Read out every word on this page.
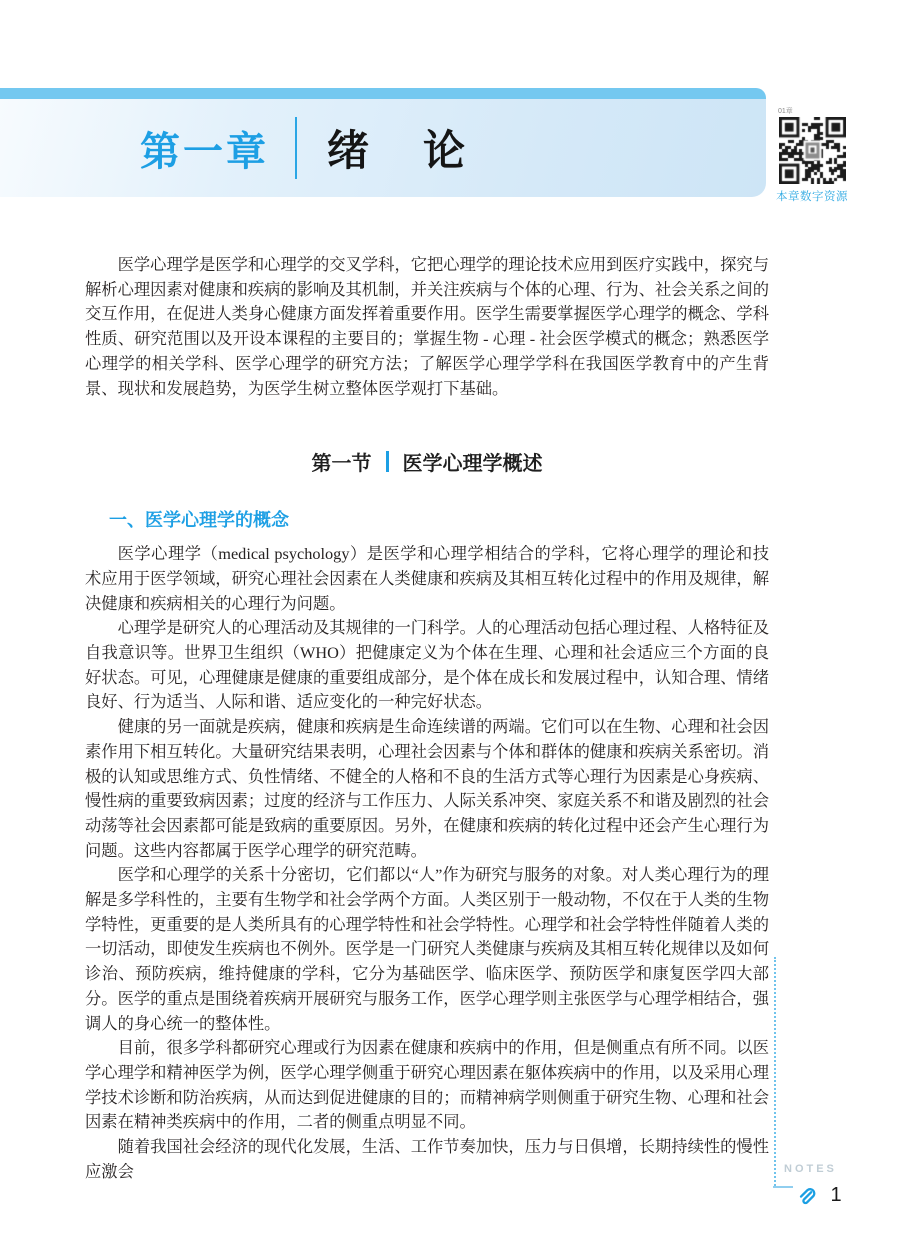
第一章 绪　论
01章
本章数字资源

医学心理学是医学和心理学的交叉学科，它把心理学的理论技术应用到医疗实践中，探究与解析心理因素对健康和疾病的影响及其机制，并关注疾病与个体的心理、行为、社会关系之间的交互作用，在促进人类身心健康方面发挥着重要作用。医学生需要掌握医学心理学的概念、学科性质、研究范围以及开设本课程的主要目的；掌握生物 - 心理 - 社会医学模式的概念；熟悉医学心理学的相关学科、医学心理学的研究方法；了解医学心理学学科在我国医学教育中的产生背景、现状和发展趋势，为医学生树立整体医学观打下基础。

第一节 医学心理学概述
一、医学心理学的概念

医学心理学（medical psychology）是医学和心理学相结合的学科，它将心理学的理论和技术应用于医学领域，研究心理社会因素在人类健康和疾病及其相互转化过程中的作用及规律，解决健康和疾病相关的心理行为问题。

心理学是研究人的心理活动及其规律的一门科学。人的心理活动包括心理过程、人格特征及自我意识等。世界卫生组织（WHO）把健康定义为个体在生理、心理和社会适应三个方面的良好状态。可见，心理健康是健康的重要组成部分，是个体在成长和发展过程中，认知合理、情绪良好、行为适当、人际和谐、适应变化的一种完好状态。

健康的另一面就是疾病，健康和疾病是生命连续谱的两端。它们可以在生物、心理和社会因素作用下相互转化。大量研究结果表明，心理社会因素与个体和群体的健康和疾病关系密切。消极的认知或思维方式、负性情绪、不健全的人格和不良的生活方式等心理行为因素是心身疾病、慢性病的重要致病因素；过度的经济与工作压力、人际关系冲突、家庭关系不和谐及剧烈的社会动荡等社会因素都可能是致病的重要原因。另外，在健康和疾病的转化过程中还会产生心理行为问题。这些内容都属于医学心理学的研究范畴。

医学和心理学的关系十分密切，它们都以“人”作为研究与服务的对象。对人类心理行为的理解是多学科性的，主要有生物学和社会学两个方面。人类区别于一般动物，不仅在于人类的生物学特性，更重要的是人类所具有的心理学特性和社会学特性。心理学和社会学特性伴随着人类的一切活动，即使发生疾病也不例外。医学是一门研究人类健康与疾病及其相互转化规律以及如何诊治、预防疾病，维持健康的学科，它分为基础医学、临床医学、预防医学和康复医学四大部分。医学的重点是围绕着疾病开展研究与服务工作，医学心理学则主张医学与心理学相结合，强调人的身心统一的整体性。

目前，很多学科都研究心理或行为因素在健康和疾病中的作用，但是侧重点有所不同。以医学心理学和精神医学为例，医学心理学侧重于研究心理因素在躯体疾病中的作用，以及采用心理学技术诊断和防治疾病，从而达到促进健康的目的；而精神病学则侧重于研究生物、心理和社会因素在精神类疾病中的作用，二者的侧重点明显不同。

随着我国社会经济的现代化发展，生活、工作节奏加快，压力与日俱增，长期持续性的慢性应激会	NOTES
1
